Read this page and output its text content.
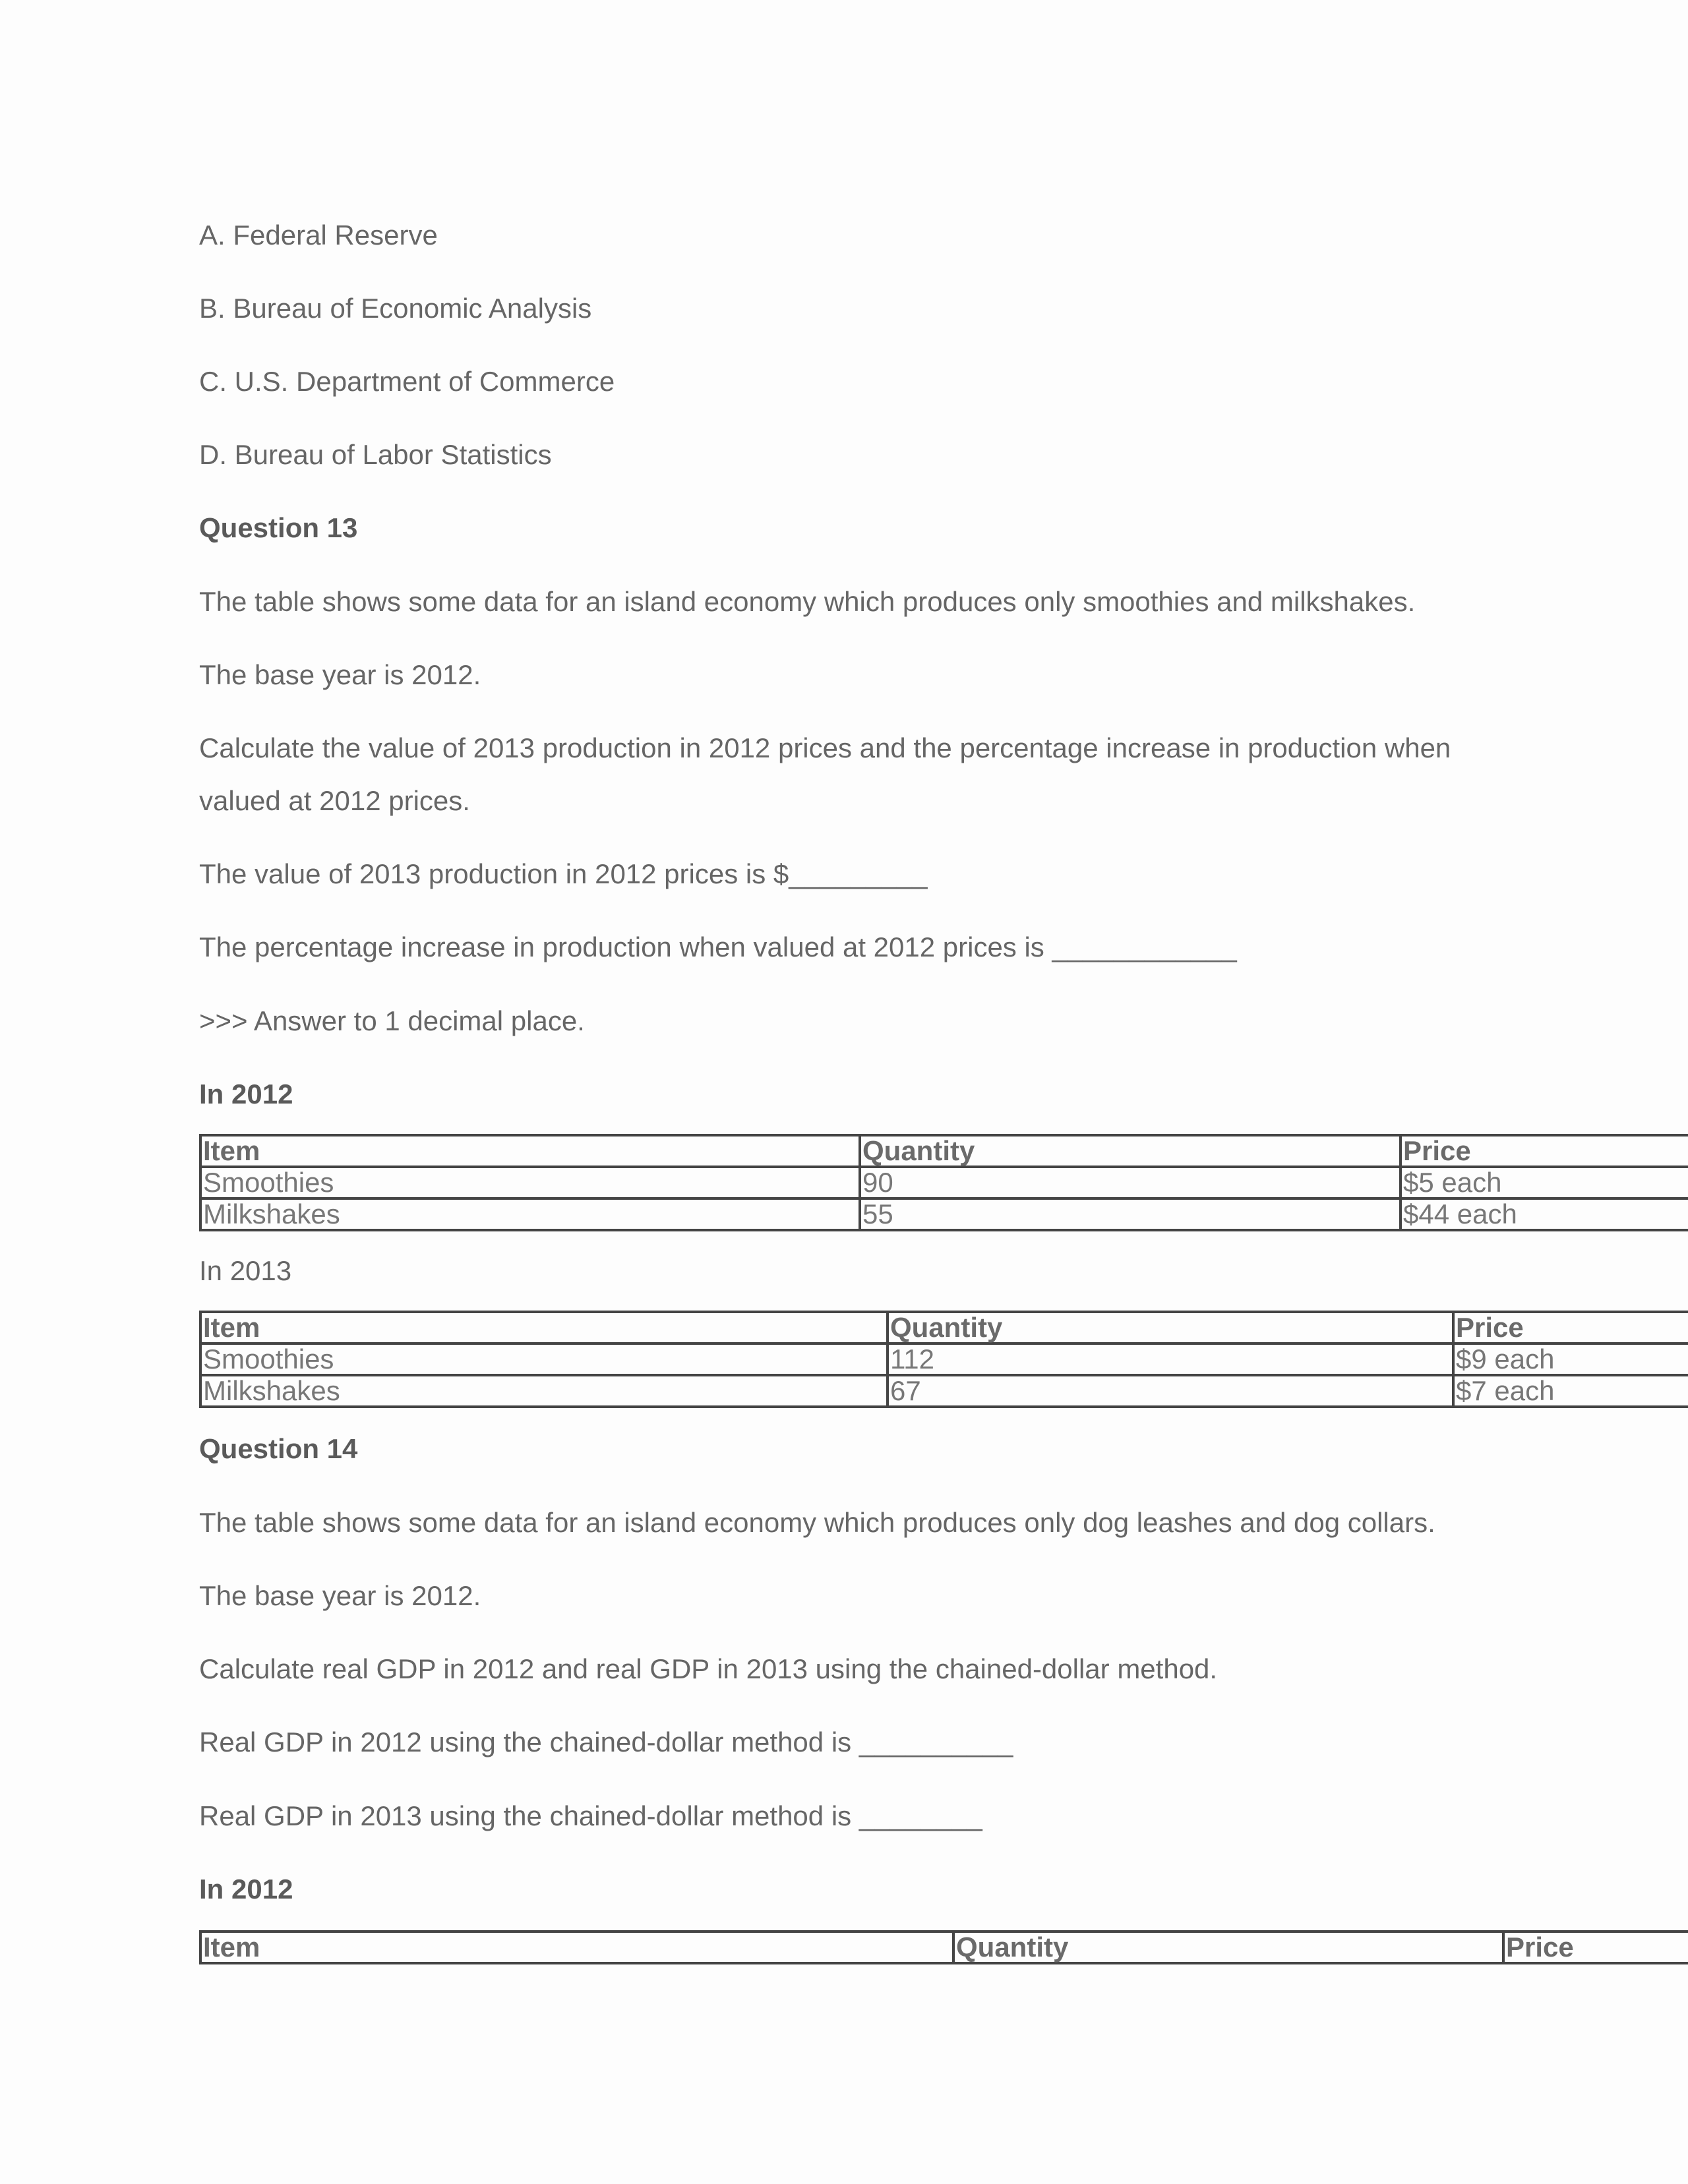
A. Federal Reserve

B. Bureau of Economic Analysis

C. U.S. Department of Commerce

D. Bureau of Labor Statistics

Question 13

The table shows some data for an island economy which produces only smoothies and milkshakes.

The base year is 2012.

Calculate the value of 2013 production in 2012 prices and the percentage increase in production when

valued at 2012 prices.

The value of 2013 production in 2012 prices is $_________

The percentage increase in production when valued at 2012 prices is ____________

>>> Answer to 1 decimal place.

In 2012

Item	Quantity	Price
Smoothies	90	$5 each
Milkshakes	55	$44 each

In 2013

Item	Quantity	Price
Smoothies	112	$9 each
Milkshakes	67	$7 each

Question 14

The table shows some data for an island economy which produces only dog leashes and dog collars.

The base year is 2012.

Calculate real GDP in 2012 and real GDP in 2013 using the chained-dollar method.

Real GDP in 2012 using the chained-dollar method is __________

Real GDP in 2013 using the chained-dollar method is ________

In 2012

Item	Quantity	Price
